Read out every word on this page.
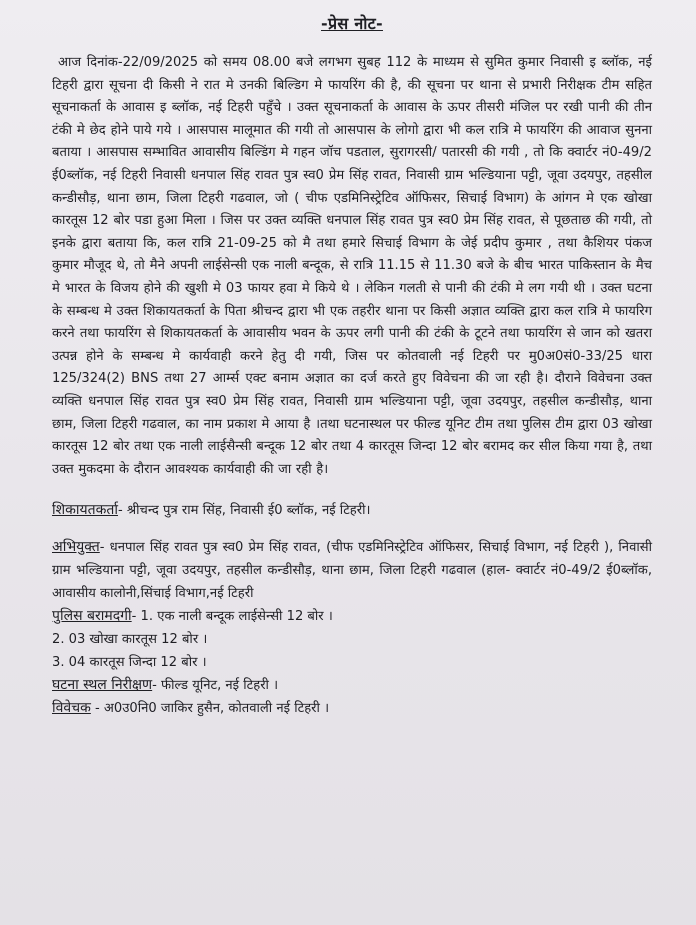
-प्रेस नोट-

आज दिनांक-22/09/2025 को समय 08.00 बजे लगभग सुबह 112 के माध्यम से सुमित कुमार निवासी इ ब्लॉक, नई टिहरी द्वारा सूचना दी किसी ने रात मे उनकी बिल्डिग मे फायरिंग की है, की सूचना पर थाना से प्रभारी निरीक्षक टीम सहित सूचनाकर्ता के आवास इ ब्लॉक, नई टिहरी पहुँचे । उक्त सूचनाकर्ता के आवास के ऊपर तीसरी मंजिल पर रखी पानी की तीन टंकी मे छेद होने पाये गये । आसपास मालूमात की गयी तो आसपास के लोगो द्वारा भी कल रात्रि मे फायरिंग की आवाज सुनना बताया । आसपास सम्भावित आवासीय बिल्डिंग मे गहन जॉच पडताल, सुरागरसी/ पतारसी की गयी , तो कि क्वार्टर नं0-49/2 ई0ब्लॉक, नई टिहरी निवासी धनपाल सिंह रावत पुत्र स्व0 प्रेम सिंह रावत, निवासी ग्राम भल्डियाना पट्टी, जूवा उदयपुर, तहसील कन्डीसौड़, थाना छाम, जिला टिहरी गढवाल, जो ( चीफ एडमिनिस्ट्रेटिव ऑफिसर, सिचाई विभाग) के आंगन मे एक खोखा कारतूस 12 बोर पडा हुआ मिला । जिस पर उक्त व्यक्ति धनपाल सिंह रावत पुत्र स्व0 प्रेम सिंह रावत, से पूछताछ की गयी, तो इनके द्वारा बताया कि, कल रात्रि 21-09-25 को मै तथा हमारे सिचाई विभाग के जेई प्रदीप कुमार , तथा कैशियर पंकज कुमार मौजूद थे, तो मैने अपनी लाईसेन्सी एक नाली बन्दूक, से रात्रि 11.15 से 11.30 बजे के बीच भारत पाकिस्तान के मैच मे भारत के विजय होने की खुशी मे 03 फायर हवा मे किये थे । लेकिन गलती से पानी की टंकी मे लग गयी थी । उक्त घटना के सम्बन्ध मे उक्त शिकायतकर्ता के पिता श्रीचन्द द्वारा भी एक तहरीर थाना पर किसी अज्ञात व्यक्ति द्वारा कल रात्रि मे फायरिग करने तथा फायरिंग से शिकायतकर्ता के आवासीय भवन के ऊपर लगी पानी की टंकी के टूटने तथा फायरिंग से जान को खतरा उत्पन्न होने के सम्बन्ध मे कार्यवाही करने हेतु दी गयी, जिस पर कोतवाली नई टिहरी पर मु0अ0सं0-33/25 धारा 125/324(2) BNS तथा 27 आर्म्स एक्ट बनाम अज्ञात का दर्ज करते हुए विवेचना की जा रही है। दौराने विवेचना उक्त व्यक्ति धनपाल सिंह रावत पुत्र स्व0 प्रेम सिंह रावत, निवासी ग्राम भल्डियाना पट्टी, जूवा उदयपुर, तहसील कन्डीसौड़, थाना छाम, जिला टिहरी गढवाल, का नाम प्रकाश मे आया है ।तथा घटनास्थल पर फील्ड यूनिट टीम तथा पुलिस टीम द्वारा 03 खोखा कारतूस 12 बोर तथा एक नाली लाईसैन्सी बन्दूक 12 बोर तथा 4 कारतूस जिन्दा 12 बोर बरामद कर सील किया गया है, तथा उक्त मुकदमा के दौरान आवश्यक कार्यवाही की जा रही है।

शिकायतकर्ता- श्रीचन्द पुत्र राम सिंह, निवासी ई0 ब्लॉक, नई टिहरी।

अभियुक्त- धनपाल सिंह रावत पुत्र स्व0 प्रेम सिंह रावत, (चीफ एडमिनिस्ट्रेटिव ऑफिसर, सिचाई विभाग, नई टिहरी ), निवासी ग्राम भल्डियाना पट्टी, जूवा उदयपुर, तहसील कन्डीसौड़, थाना छाम, जिला टिहरी गढवाल (हाल- क्वार्टर नं0-49/2 ई0ब्लॉक, आवासीय कालोनी,सिंचाई विभाग,नई टिहरी

पुलिस बरामदगी- 1. एक नाली बन्दूक लाईसेन्सी 12 बोर ।

2. 03 खोखा कारतूस 12 बोर ।

3. 04 कारतूस जिन्दा 12 बोर ।

घटना स्थल निरीक्षण- फील्ड यूनिट, नई टिहरी ।

विवेचक - अ0उ0नि0 जाकिर हुसैन, कोतवाली नई टिहरी ।
